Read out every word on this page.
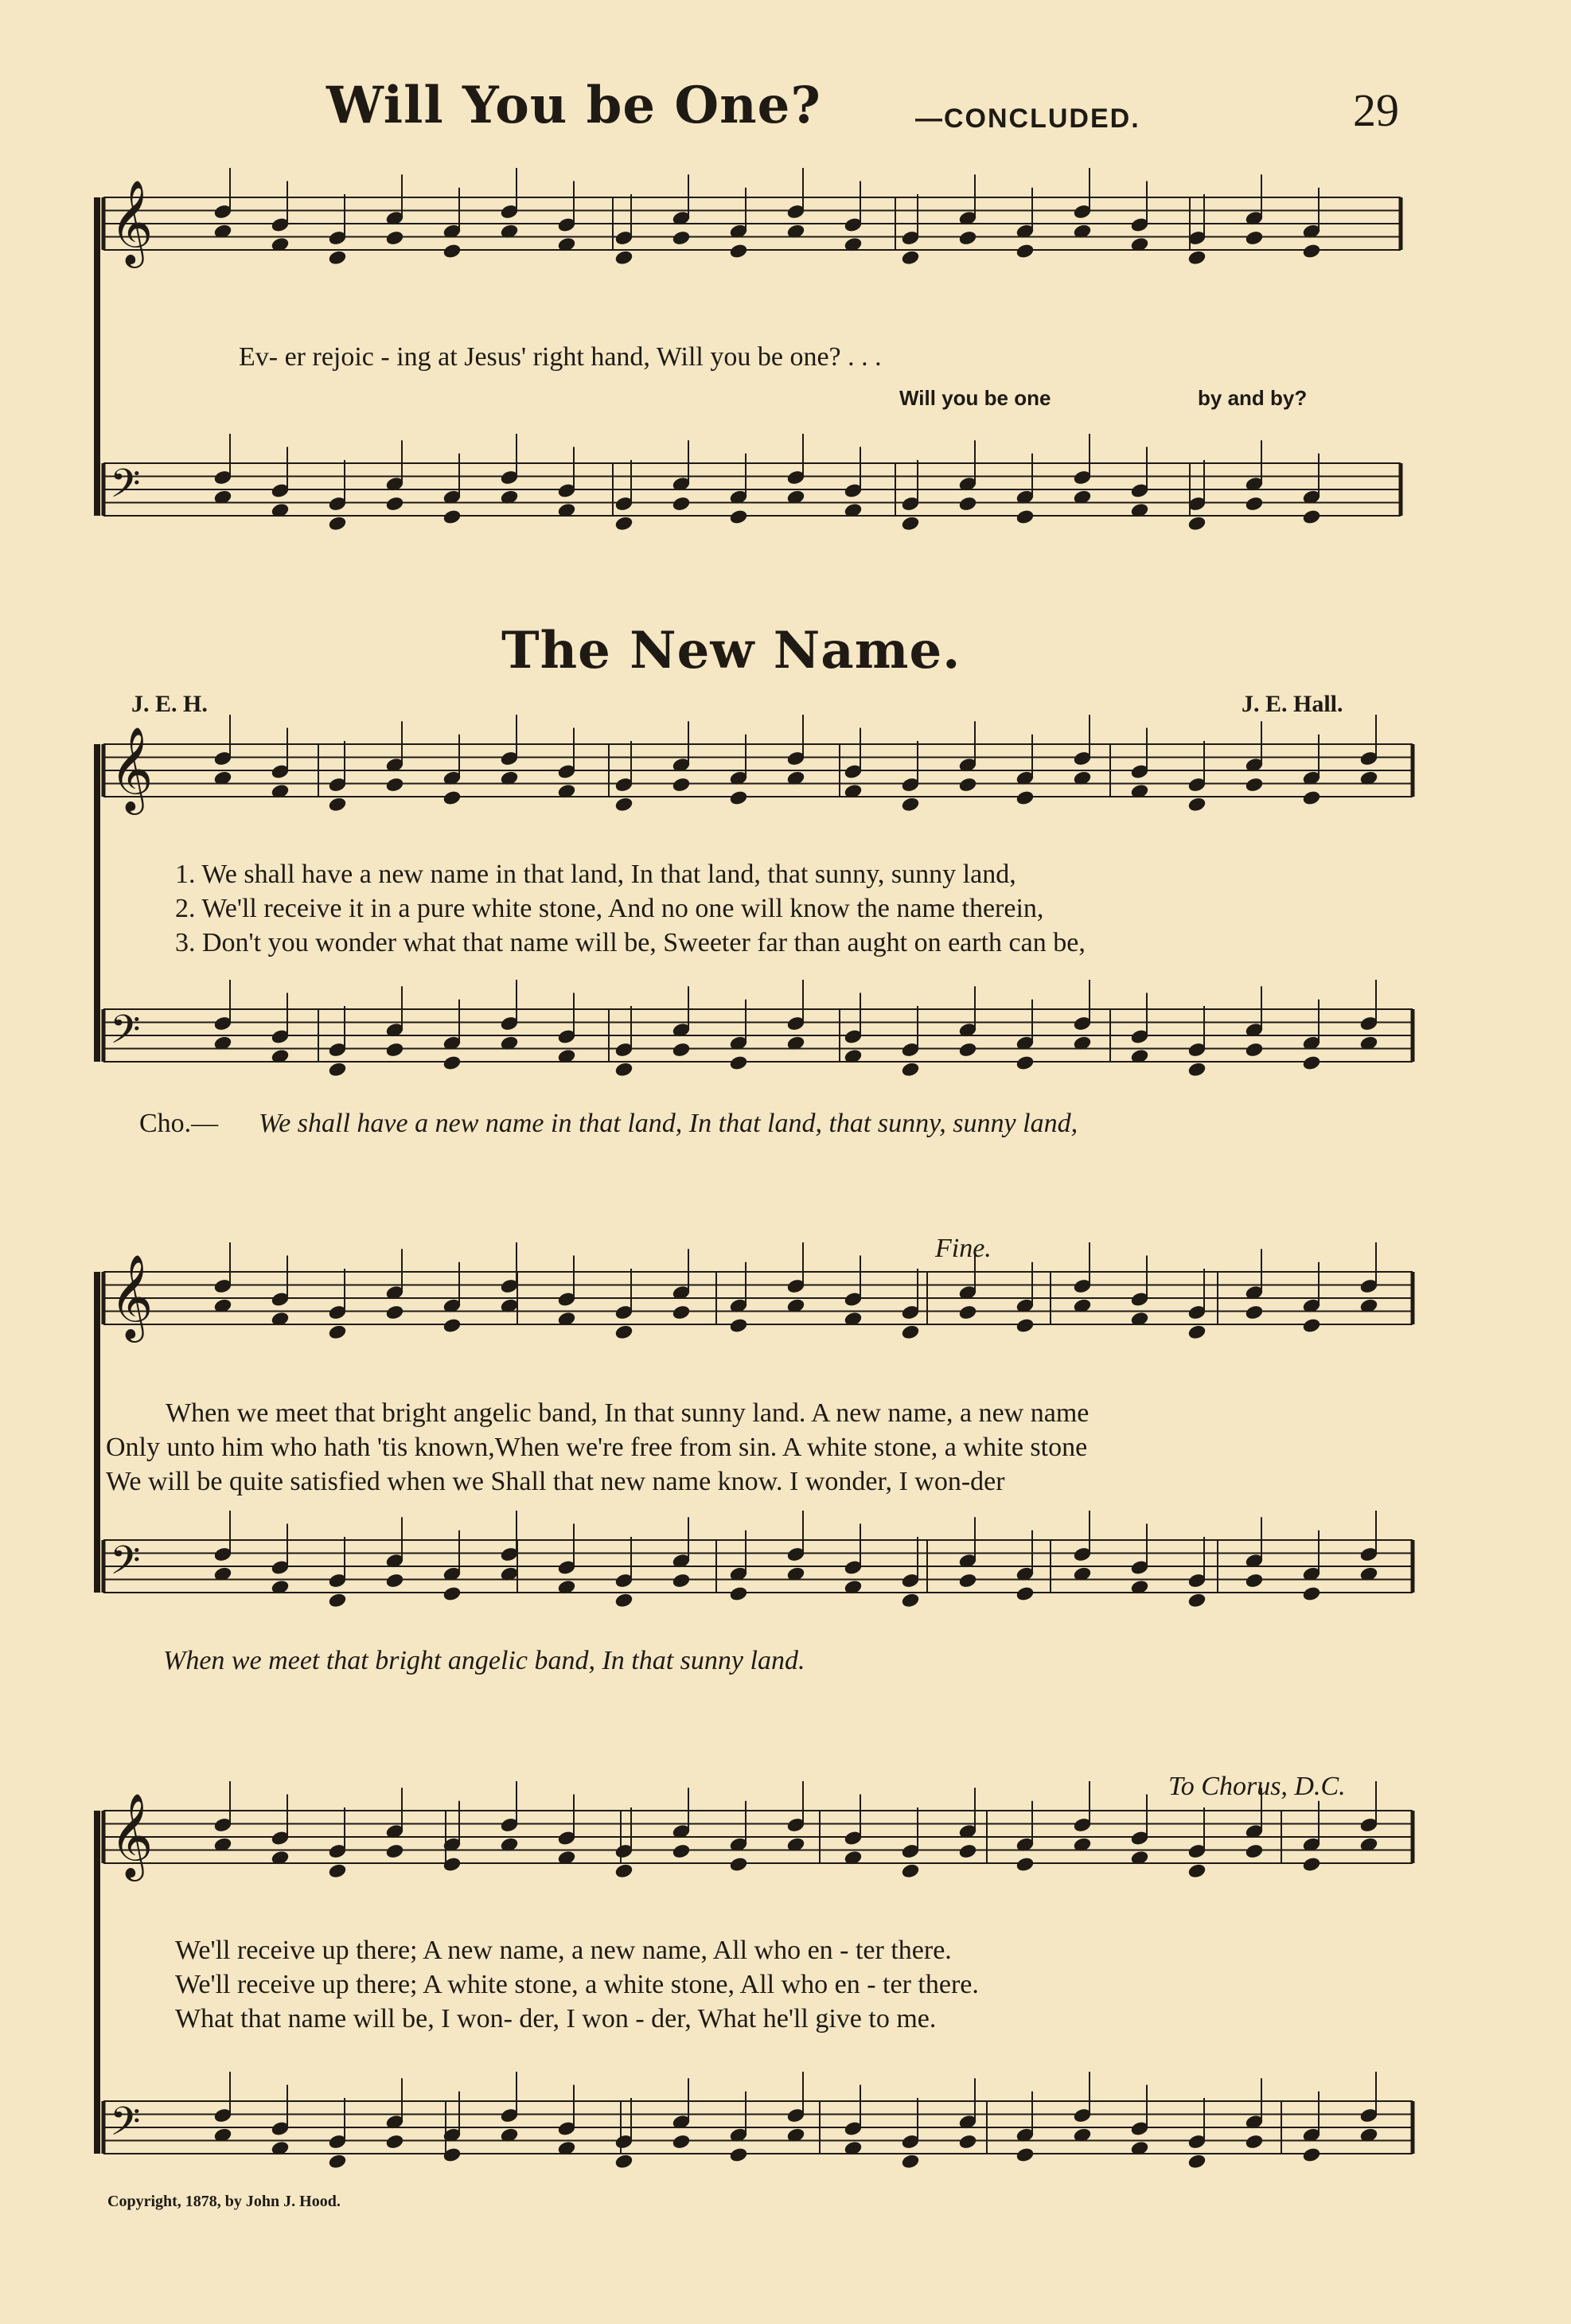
Will You be One?	—CONCLUDED.	29
𝄞
𝄢
𝄞
𝄢
𝄞
𝄢
𝄞
𝄢
Ev- er rejoic - ing at Jesus' right hand, Will you be one? . . .
Will you be one	by and by?
The New Name.
J. E. H.	J. E. Hall.
1. We shall have a new name in that land, In that land, that sunny, sunny land,
2. We'll receive it in a pure white stone, And no one will know the name therein,
3. Don't you wonder what that name will be, Sweeter far than aught on earth can be,
Cho.— We shall have a new name in that land, In that land, that sunny, sunny land,
Fine.
When we meet that bright angelic band, In that sunny land. A new name, a new name
Only unto him who hath 'tis known,When we're free from sin. A white stone, a white stone
We will be quite satisfied when we Shall that new name know. I wonder, I won-der
When we meet that bright angelic band, In that sunny land.
To Chorus, D.C.
We'll receive up there; A new name, a new name, All who en - ter there.
We'll receive up there; A white stone, a white stone, All who en - ter there.
What that name will be, I won- der, I won - der, What he'll give to me.
Copyright, 1878, by John J. Hood.
